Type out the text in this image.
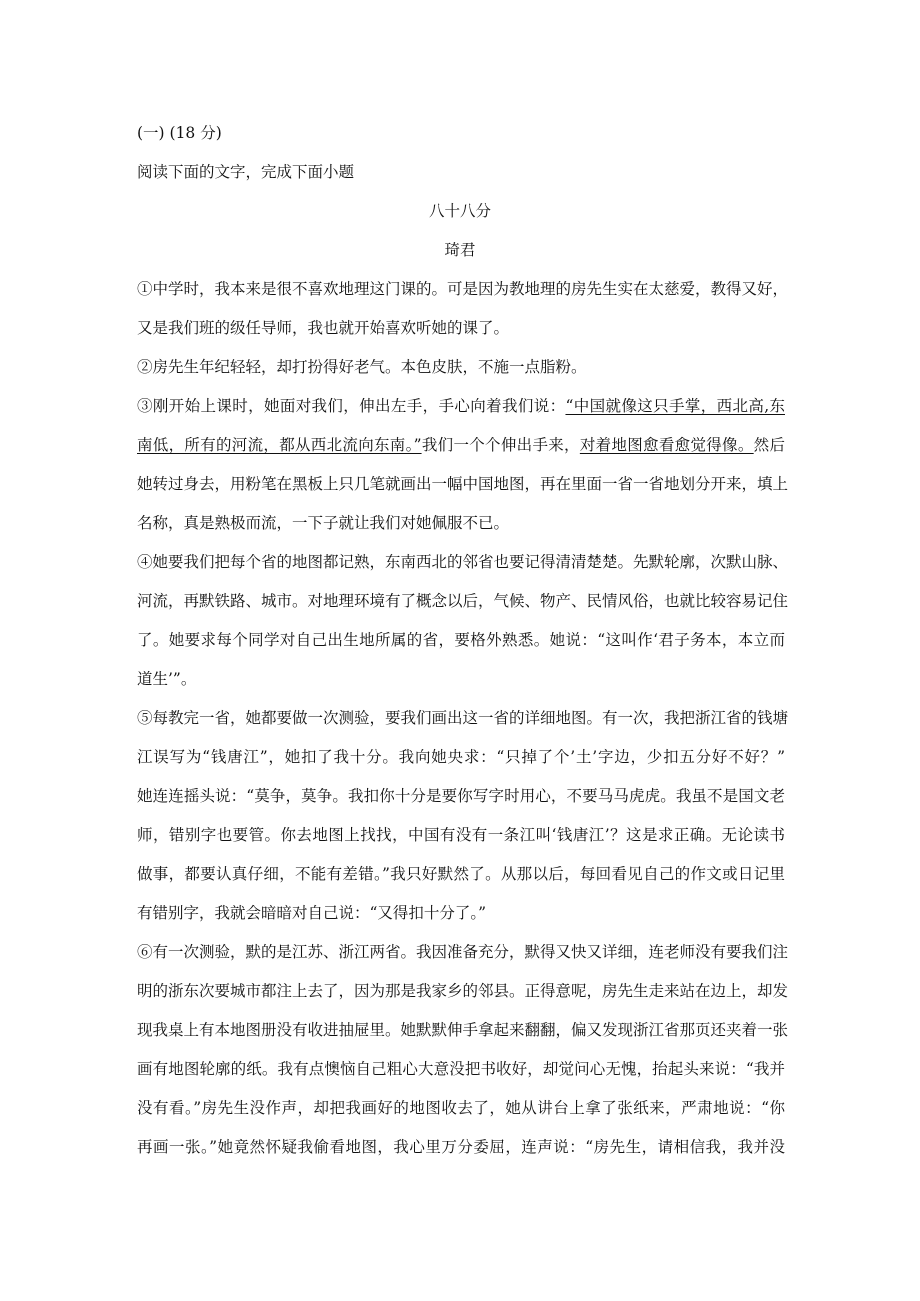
(一) (18 分)
阅读下面的文字，完成下面小题
八十八分
琦君
①中学时，我本来是很不喜欢地理这门课的。可是因为教地理的房先生实在太慈爱，教得又好，
又是我们班的级任导师，我也就开始喜欢听她的课了。
②房先生年纪轻轻，却打扮得好老气。本色皮肤，不施一点脂粉。
③刚开始上课时，她面对我们，伸出左手，手心向着我们说：“中国就像这只手掌，西北高,东
南低，所有的河流，都从西北流向东南。”我们一个个伸出手来，对着地图愈看愈觉得像。然后
她转过身去，用粉笔在黑板上只几笔就画出一幅中国地图，再在里面一省一省地划分开来，填上
名称，真是熟极而流，一下子就让我们对她佩服不已。
④她要我们把每个省的地图都记熟，东南西北的邻省也要记得清清楚楚。先默轮廓，次默山脉、
河流，再默铁路、城市。对地理环境有了概念以后，气候、物产、民情风俗，也就比较容易记住
了。她要求每个同学对自己出生地所属的省，要格外熟悉。她说：“这叫作‘君子务本，本立而
道生’”。
⑤每教完一省，她都要做一次测验，要我们画出这一省的详细地图。有一次，我把浙江省的钱塘
江误写为“钱唐江”，她扣了我十分。我向她央求：“只掉了个’土’字边，少扣五分好不好？”
她连连摇头说：“莫争，莫争。我扣你十分是要你写字时用心，不要马马虎虎。我虽不是国文老
师，错别字也要管。你去地图上找找，中国有没有一条江叫‘钱唐江’？这是求正确。无论读书
做事，都要认真仔细，不能有差错。”我只好默然了。从那以后，每回看见自己的作文或日记里
有错别字，我就会暗暗对自己说：“又得扣十分了。”
⑥有一次测验，默的是江苏、浙江两省。我因准备充分，默得又快又详细，连老师没有要我们注
明的浙东次要城市都注上去了，因为那是我家乡的邻县。正得意呢，房先生走来站在边上，却发
现我桌上有本地图册没有收进抽屉里。她默默伸手拿起来翻翻，偏又发现浙江省那页还夹着一张
画有地图轮廓的纸。我有点懊恼自己粗心大意没把书收好，却觉问心无愧，抬起头来说：“我并
没有看。”房先生没作声，却把我画好的地图收去了，她从讲台上拿了张纸来，严肃地说：“你
再画一张。”她竟然怀疑我偷看地图，我心里万分委屈，连声说：“房先生，请相信我，我并没
